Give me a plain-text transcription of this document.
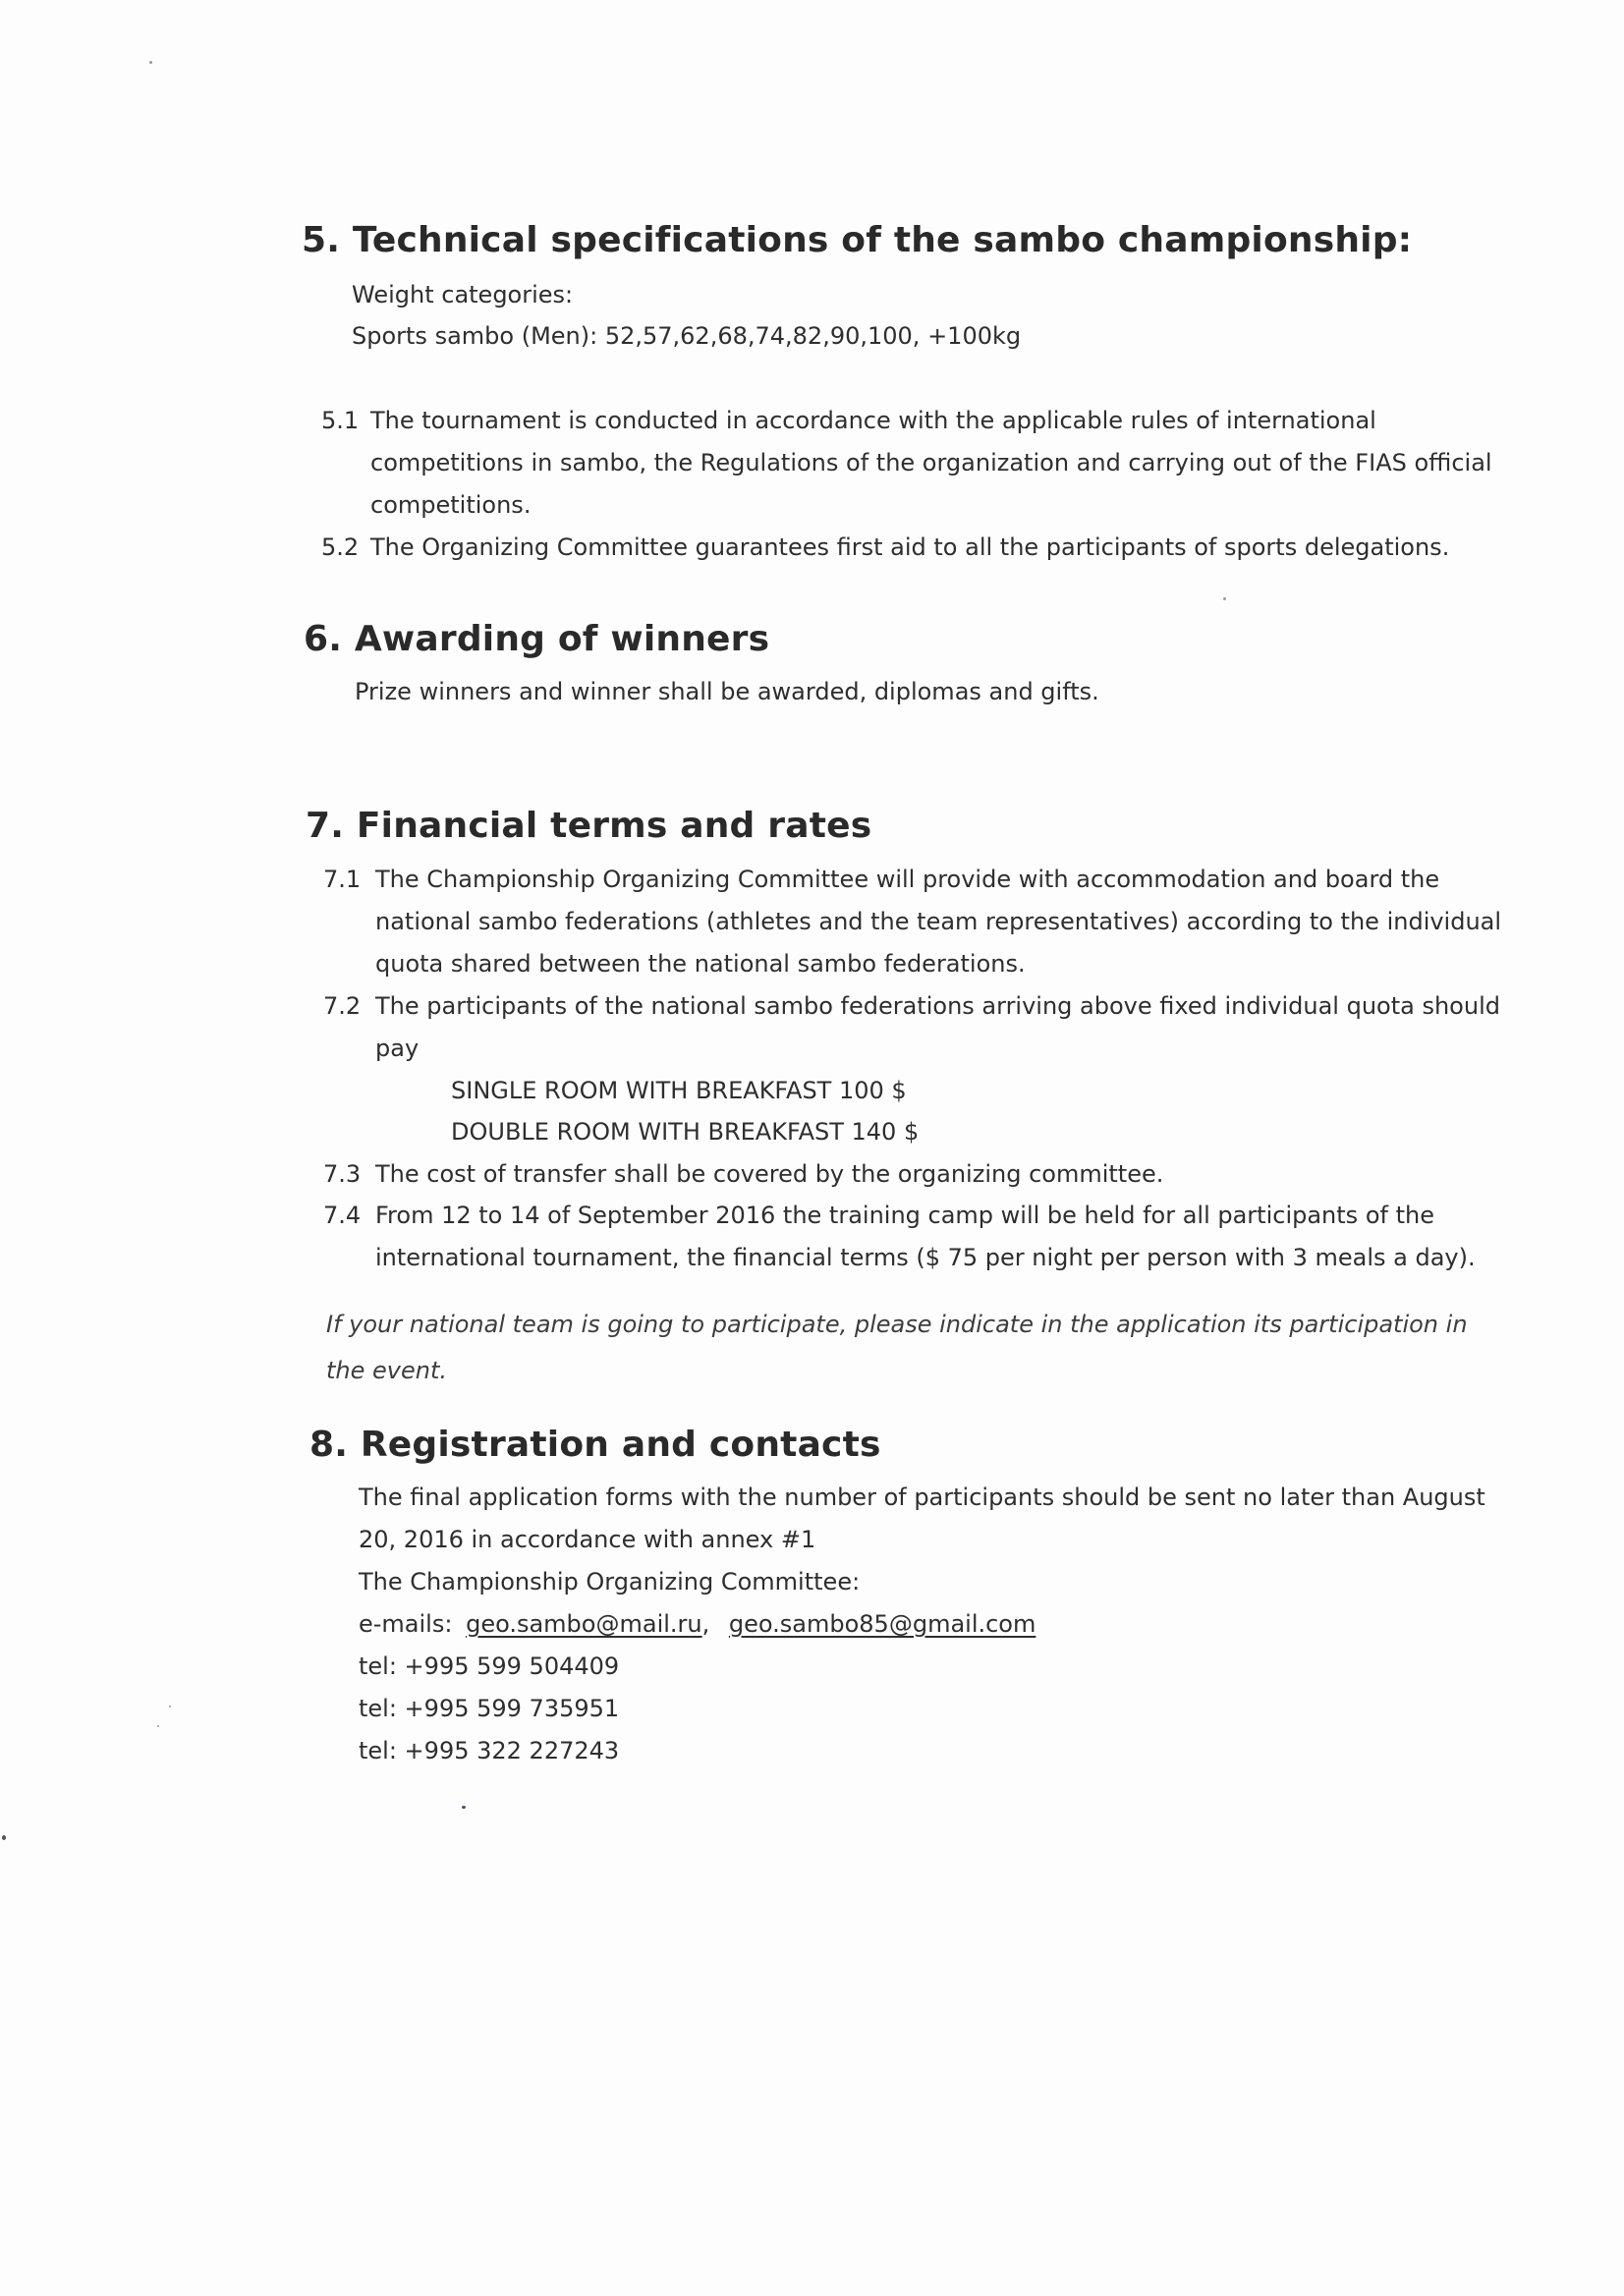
5. Technical specifications of the sambo championship:
Weight categories:
Sports sambo (Men): 52,57,62,68,74,82,90,100, +100kg
5.1 The tournament is conducted in accordance with the applicable rules of international
competitions in sambo, the Regulations of the organization and carrying out of the FIAS official
competitions.
5.2 The Organizing Committee guarantees first aid to all the participants of sports delegations.
6. Awarding of winners
Prize winners and winner shall be awarded, diplomas and gifts.
7. Financial terms and rates
7.1 The Championship Organizing Committee will provide with accommodation and board the
national sambo federations (athletes and the team representatives) according to the individual
quota shared between the national sambo federations.
7.2 The participants of the national sambo federations arriving above fixed individual quota should
pay
SINGLE ROOM WITH BREAKFAST 100 $
DOUBLE ROOM WITH BREAKFAST 140 $
7.3 The cost of transfer shall be covered by the organizing committee.
7.4 From 12 to 14 of September 2016 the training camp will be held for all participants of the
international tournament, the financial terms ($ 75 per night per person with 3 meals a day).
If your national team is going to participate, please indicate in the application its participation in
the event.
8. Registration and contacts
The final application forms with the number of participants should be sent no later than August
20, 2016 in accordance with annex #1
The Championship Organizing Committee:
e-mails: geo.sambo@mail.ru, geo.sambo85@gmail.com
tel: +995 599 504409
tel: +995 599 735951
tel: +995 322 227243
